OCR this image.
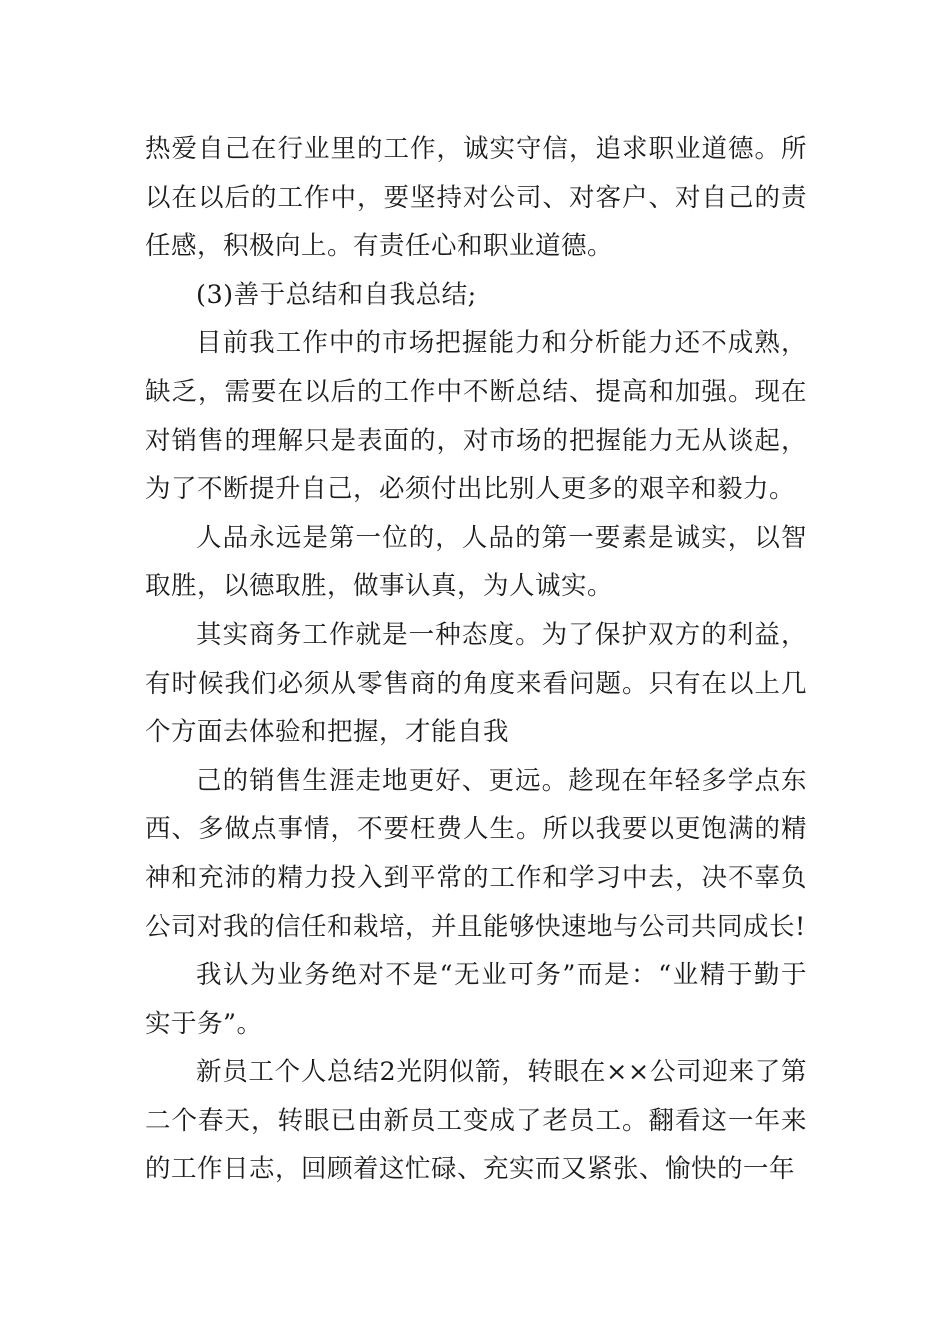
热爱自己在行业里的工作，诚实守信，追求职业道德。所以在以后的工作中，要坚持对公司、对客户、对自己的责任感，积极向上。有责任心和职业道德。

(3)善于总结和自我总结;

目前我工作中的市场把握能力和分析能力还不成熟，缺乏，需要在以后的工作中不断总结、提高和加强。现在对销售的理解只是表面的，对市场的把握能力无从谈起，为了不断提升自己，必须付出比别人更多的艰辛和毅力。

人品永远是第一位的，人品的第一要素是诚实，以智取胜，以德取胜，做事认真，为人诚实。

其实商务工作就是一种态度。为了保护双方的利益，有时候我们必须从零售商的角度来看问题。只有在以上几个方面去体验和把握，才能自我

己的销售生涯走地更好、更远。趁现在年轻多学点东西、多做点事情，不要枉费人生。所以我要以更饱满的精神和充沛的精力投入到平常的工作和学习中去，决不辜负公司对我的信任和栽培，并且能够快速地与公司共同成长!

我认为业务绝对不是“无业可务”而是：“业精于勤于实于务”。

新员工个人总结2光阴似箭，转眼在××公司迎来了第二个春天，转眼已由新员工变成了老员工。翻看这一年来的工作日志，回顾着这忙碌、充实而又紧张、愉快的一年
